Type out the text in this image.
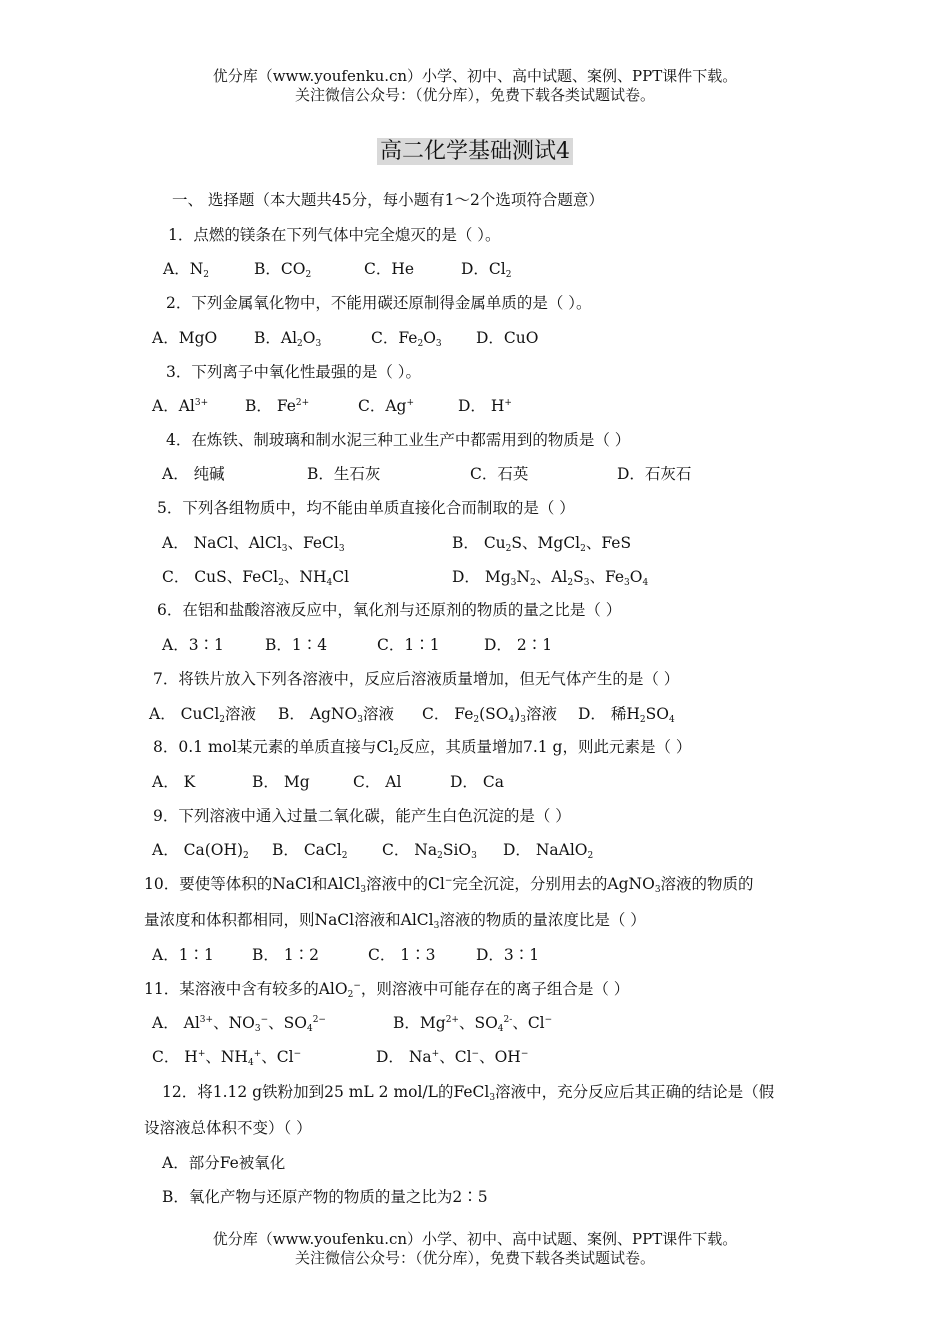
优分库（www.youfenku.cn）小学、初中、高中试题、案例、PPT课件下载。
关注微信公众号：（优分库），免费下载各类试题试卷。
高二化学基础测试4
一、 选择题（本大题共45分，每小题有1～2个选项符合题意）
1．点燃的镁条在下列气体中完全熄灭的是（ ）。
A．$N_2$	B．$CO_2$	C．He	D．$Cl_2$
2．下列金属氧化物中，不能用碳还原制得金属单质的是（ ）。
A．MgO B．$Al_2O_3$	C．$Fe_2O_3$ D．CuO
3．下列离子中氧化性最强的是（ ）。
A．$Al^{3+}$ B． $Fe^{2+}$	C．Ag+	D． H+
4．在炼铁、制玻璃和制水泥三种工业生产中都需用到的物质是（ ）
A． 纯碱	B．生石灰	C．石英	D．石灰石
5．下列各组物质中，均不能由单质直接化合而制取的是（ ）
A． NaCl、AlCl$_3$、FeCl$_3$	B． $Cu_2S$、MgCl$_2$、FeS
C． CuS、FeCl$_2$、$NH_4Cl$	D． $Mg_3N_2$、$Al_2S_3$、$Fe_3O_4$
6．在铝和盐酸溶液反应中，氧化剂与还原剂的物质的量之比是（ ）
A．3∶1	B．1∶4	C．1∶1	D． 2∶1
7．将铁片放入下列各溶液中，反应后溶液质量增加，但无气体产生的是（ ）
A． CuCl$_2$溶液 B． AgNO$_3$溶液 C． $Fe_2(SO_4)_3$溶液 D． 稀$H_2SO_4$
8．0.1 mol某元素的单质直接与$Cl_2$反应，其质量增加7.1 g，则此元素是（ ）
A． K	B． Mg	C． Al	D． Ca
9．下列溶液中通入过量二氧化碳，能产生白色沉淀的是（ ）
A． $Ca(OH)_2$ B． CaCl$_2$ C． $Na_2SiO_3$ D． NaAlO$_2$
10．要使等体积的NaCl和AlCl$_3$溶液中的Cl−完全沉淀，分别用去的AgNO$_3$溶液的物质的
量浓度和体积都相同，则NaCl溶液和AlCl$_3$溶液的物质的量浓度比是（ ）
A．1∶1 B． 1∶2	C． 1∶3	D．3∶1
11．某溶液中含有较多的AlO$_2$−，则溶液中可能存在的离子组合是（ ）
A． $Al^{3+}$、$NO_3^-$、$SO_4^{2-}$	B．$Mg^{2+}$、$SO_4^{2-}$、Cl−
C． H+、$NH_4^+$、Cl−	D． Na+、Cl−、OH−
12．将1.12 g铁粉加到25 mL 2 mol/L的FeCl$_3$溶液中，充分反应后其正确的结论是（假
设溶液总体积不变）（ ）
A．部分Fe被氧化
B．氧化产物与还原产物的物质的量之比为2∶5
优分库（www.youfenku.cn）小学、初中、高中试题、案例、PPT课件下载。
关注微信公众号：（优分库），免费下载各类试题试卷。
